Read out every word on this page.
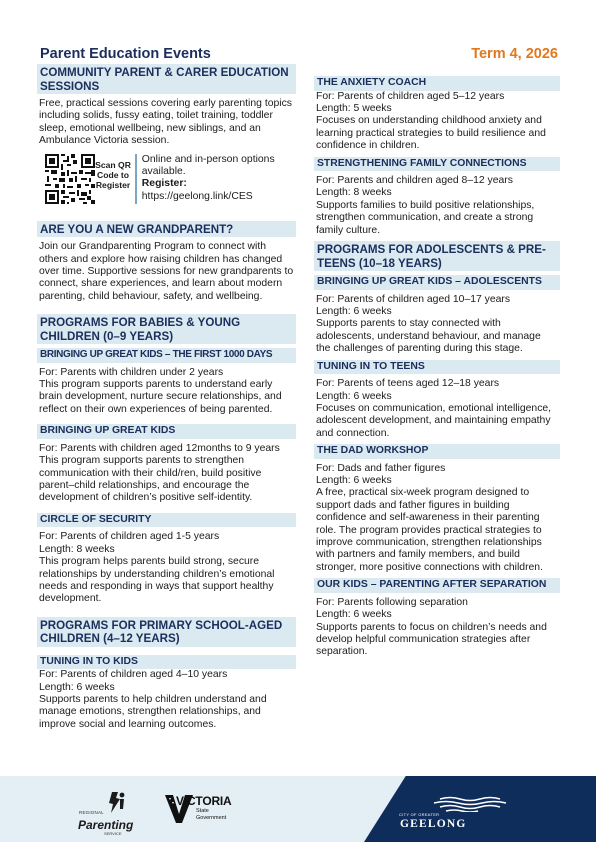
Parent Education Events	Term 4, 2026
COMMUNITY PARENT & CARER EDUCATION SESSIONS
Free, practical sessions covering early parenting topics including solids, fussy eating, toilet training, toddler sleep, emotional wellbeing, new siblings, and an Ambulance Victoria session.
Scan QR Code to Register
Online and in-person options available.
Register:
https://geelong.link/CES
ARE YOU A NEW GRANDPARENT?
Join our Grandparenting Program to connect with others and explore how raising children has changed over time. Supportive sessions for new grandparents to connect, share experiences, and learn about modern parenting, child behaviour, safety, and wellbeing.
PROGRAMS FOR BABIES & YOUNG CHILDREN (0–9 YEARS)
BRINGING UP GREAT KIDS – THE FIRST 1000 DAYS
For: Parents with children under 2 years
This program supports parents to understand early brain development, nurture secure relationships, and reflect on their own experiences of being parented.
BRINGING UP GREAT KIDS
For: Parents with children aged 12months to 9 years
This program supports parents to strengthen communication with their child/ren, build positive parent–child relationships, and encourage the development of children’s positive self-identity.
CIRCLE OF SECURITY
For: Parents of children aged 1-5 years
Length: 8 weeks
This program helps parents build strong, secure relationships by understanding children’s emotional needs and responding in ways that support healthy development.
PROGRAMS FOR PRIMARY SCHOOL-AGED CHILDREN (4–12 YEARS)
TUNING IN TO KIDS
For: Parents of children aged 4–10 years
Length: 6 weeks
Supports parents to help children understand and manage emotions, strengthen relationships, and improve social and learning outcomes.
THE ANXIETY COACH
For: Parents of children aged 5–12 years
Length: 5 weeks
Focuses on understanding childhood anxiety and learning practical strategies to build resilience and confidence in children.
STRENGTHENING FAMILY CONNECTIONS
For: Parents and children aged 8–12 years
Length: 8 weeks
Supports families to build positive relationships, strengthen communication, and create a strong family culture.
PROGRAMS FOR ADOLESCENTS & PRE-TEENS (10–18 YEARS)
BRINGING UP GREAT KIDS – ADOLESCENTS
For: Parents of children aged 10–17 years
Length: 6 weeks
Supports parents to stay connected with adolescents, understand behaviour, and manage the challenges of parenting during this stage.
TUNING IN TO TEENS
For: Parents of teens aged 12–18 years
Length: 6 weeks
Focuses on communication, emotional intelligence, adolescent development, and maintaining empathy and connection.
THE DAD WORKSHOP
For: Dads and father figures
Length: 6 weeks
A free, practical six-week program designed to support dads and father figures in building confidence and self-awareness in their parenting role. The program provides practical strategies to improve communication, strengthen relationships with partners and family members, and build stronger, more positive connections with children.
OUR KIDS – PARENTING AFTER SEPARATION
For: Parents following separation
Length: 6 weeks
Supports parents to focus on children’s needs and develop helpful communication strategies after separation.
REGIONAL
Parenting
SERVICE
VICTORIA
State
Government	CITY OF GREATER
GEELONG
